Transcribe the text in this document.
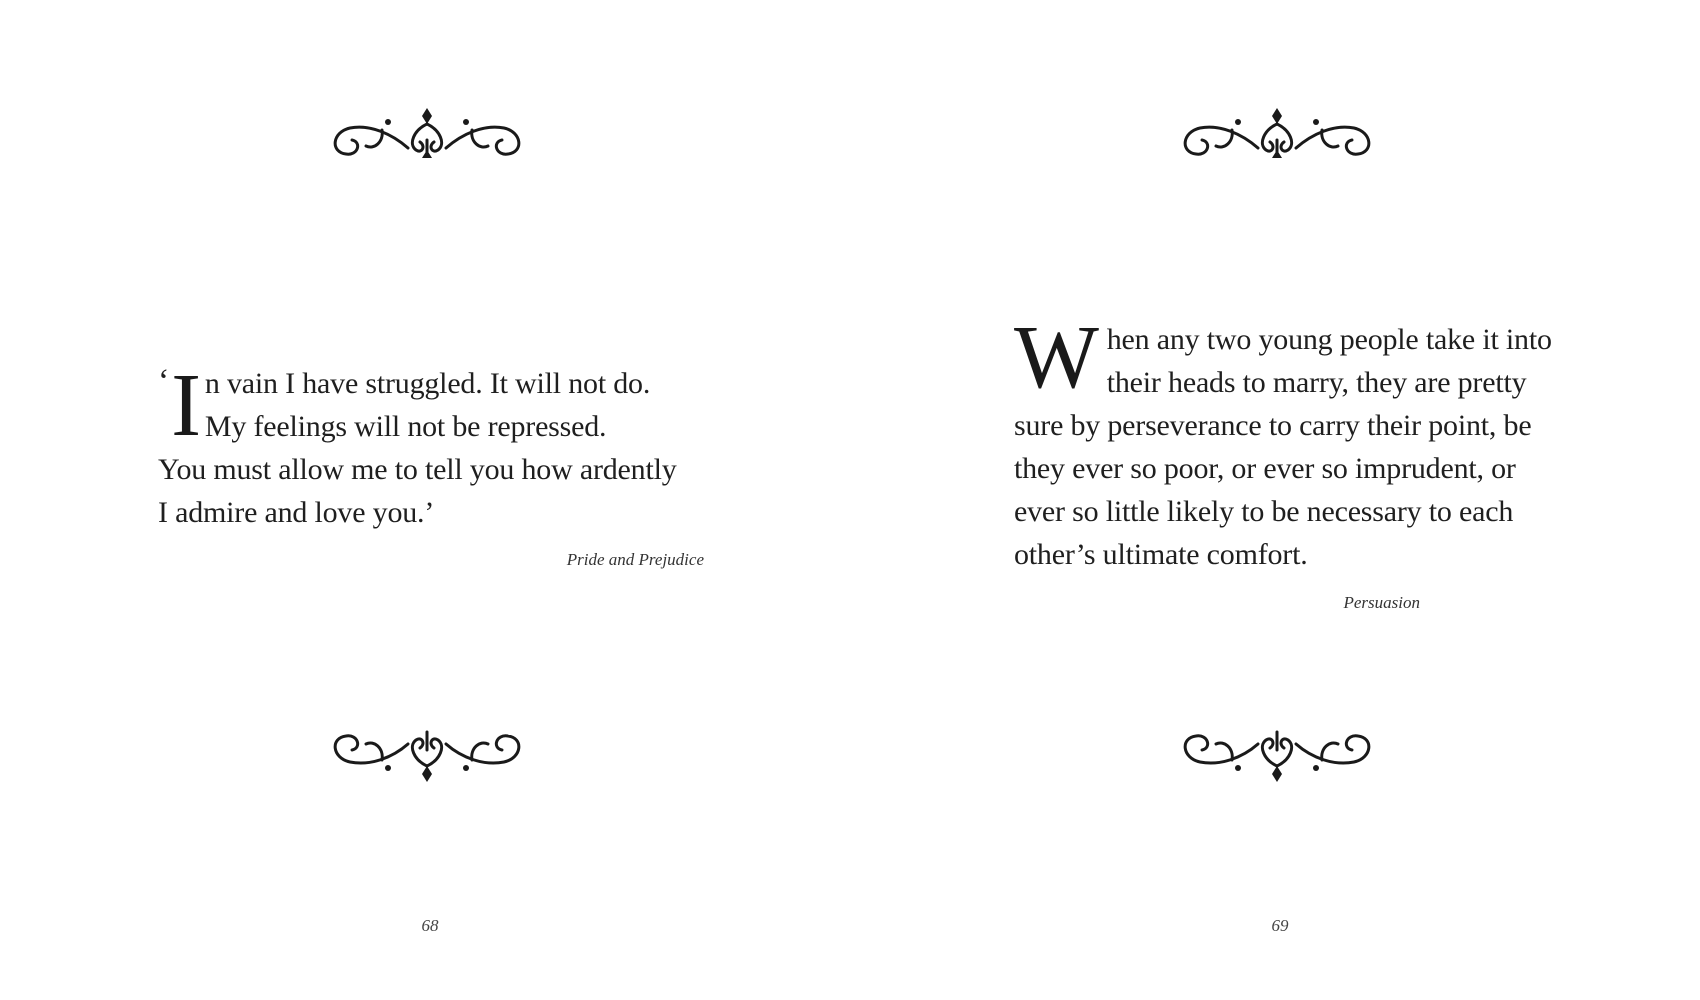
‘ I n vain I have struggled. It will not do.
My feelings will not be repressed.
You must allow me to tell you how ardently
I admire and love you.’

Pride and Prejudice
68

W hen any two young people take it into
their heads to marry, they are pretty
sure by perseverance to carry their point, be
they ever so poor, or ever so imprudent, or
ever so little likely to be necessary to each
other’s ultimate comfort.

Persuasion
69
